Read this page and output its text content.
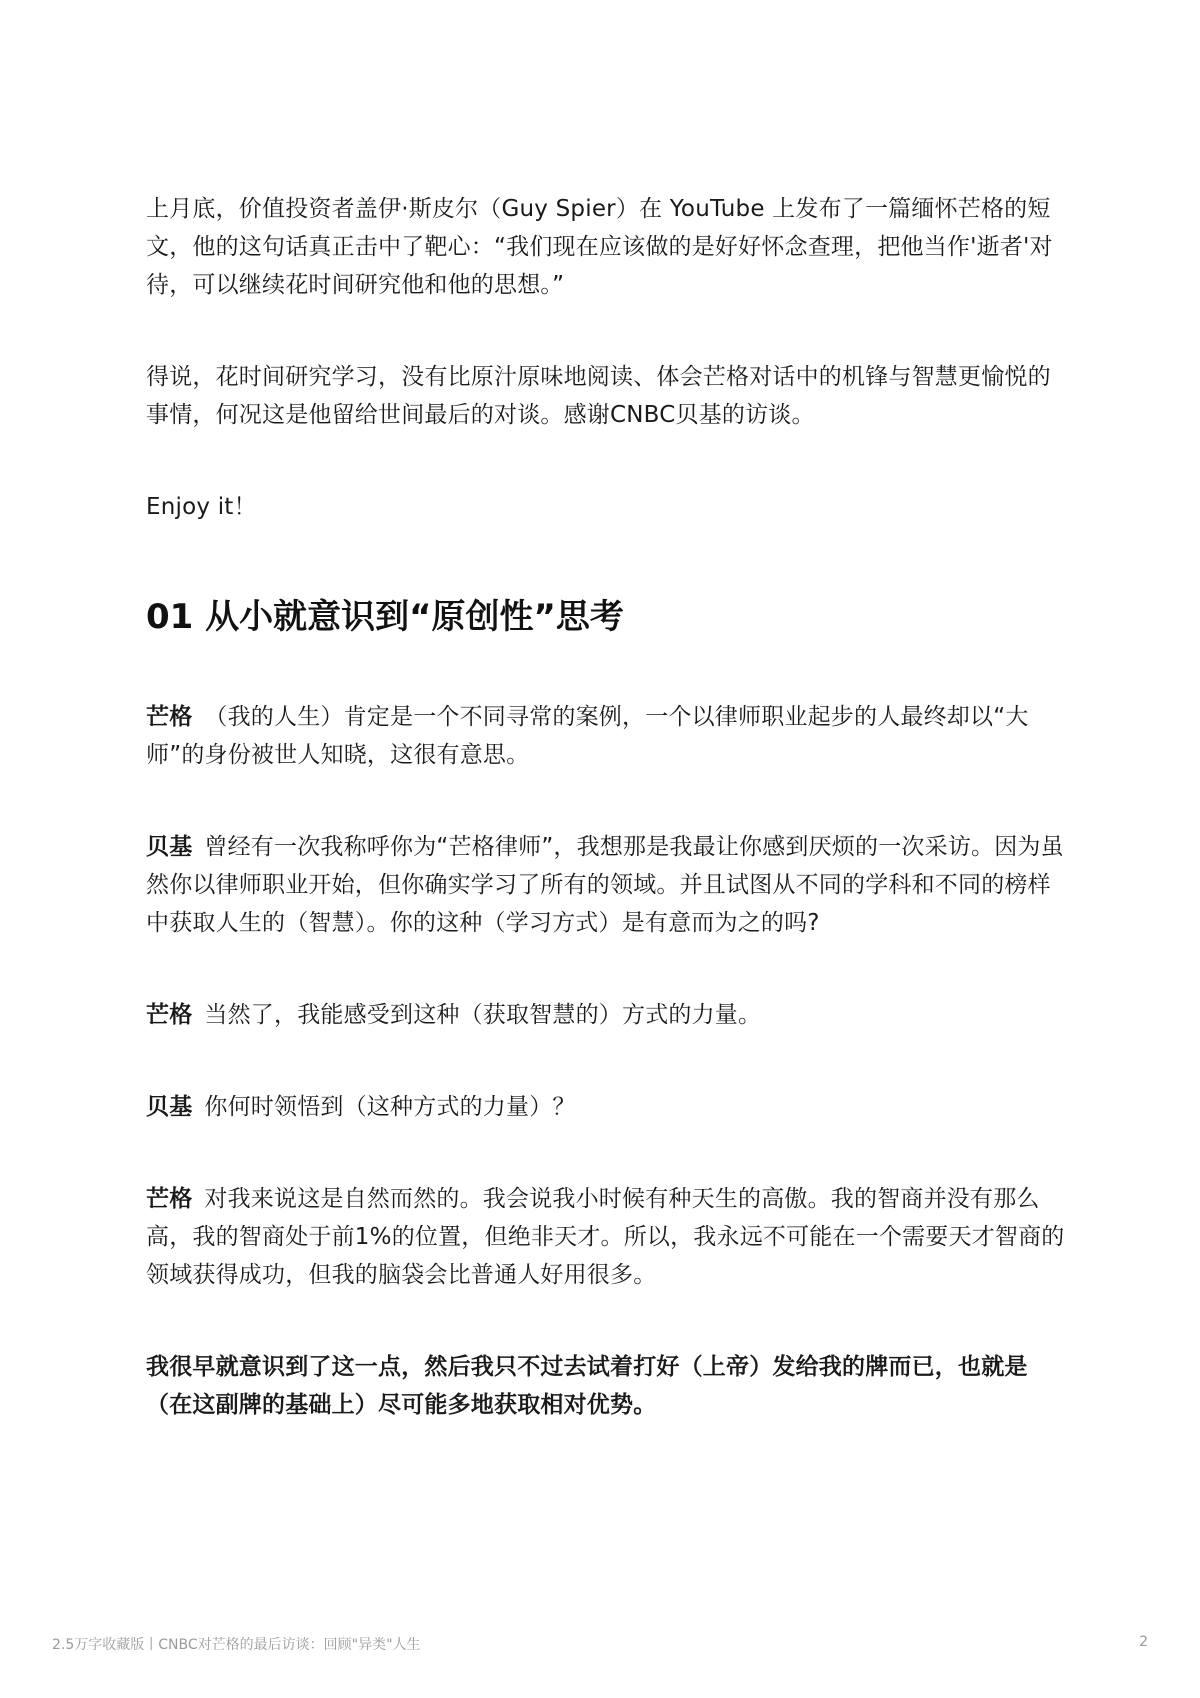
上月底，价值投资者盖伊·斯皮尔（Guy Spier）在 YouTube 上发布了一篇缅怀芒格的短文，他的这句话真正击中了靶心：“我们现在应该做的是好好怀念查理，把他当作'逝者'对待，可以继续花时间研究他和他的思想。”

得说，花时间研究学习，没有比原汁原味地阅读、体会芒格对话中的机锋与智慧更愉悦的事情，何况这是他留给世间最后的对谈。感谢CNBC贝基的访谈。

Enjoy it！

01 从小就意识到“原创性”思考

芒格 （我的人生）肯定是一个不同寻常的案例，一个以律师职业起步的人最终却以“大师”的身份被世人知晓，这很有意思。

贝基 曾经有一次我称呼你为“芒格律师”，我想那是我最让你感到厌烦的一次采访。因为虽然你以律师职业开始，但你确实学习了所有的领域。并且试图从不同的学科和不同的榜样中获取人生的（智慧）。你的这种（学习方式）是有意而为之的吗?

芒格 当然了，我能感受到这种（获取智慧的）方式的力量。

贝基 你何时领悟到（这种方式的力量）？

芒格 对我来说这是自然而然的。我会说我小时候有种天生的高傲。我的智商并没有那么高，我的智商处于前1%的位置，但绝非天才。所以，我永远不可能在一个需要天才智商的领域获得成功，但我的脑袋会比普通人好用很多。

我很早就意识到了这一点，然后我只不过去试着打好（上帝）发给我的牌而已，也就是（在这副牌的基础上）尽可能多地获取相对优势。

2.5万字收藏版丨CNBC对芒格的最后访谈：回顾"异类"人生	2
